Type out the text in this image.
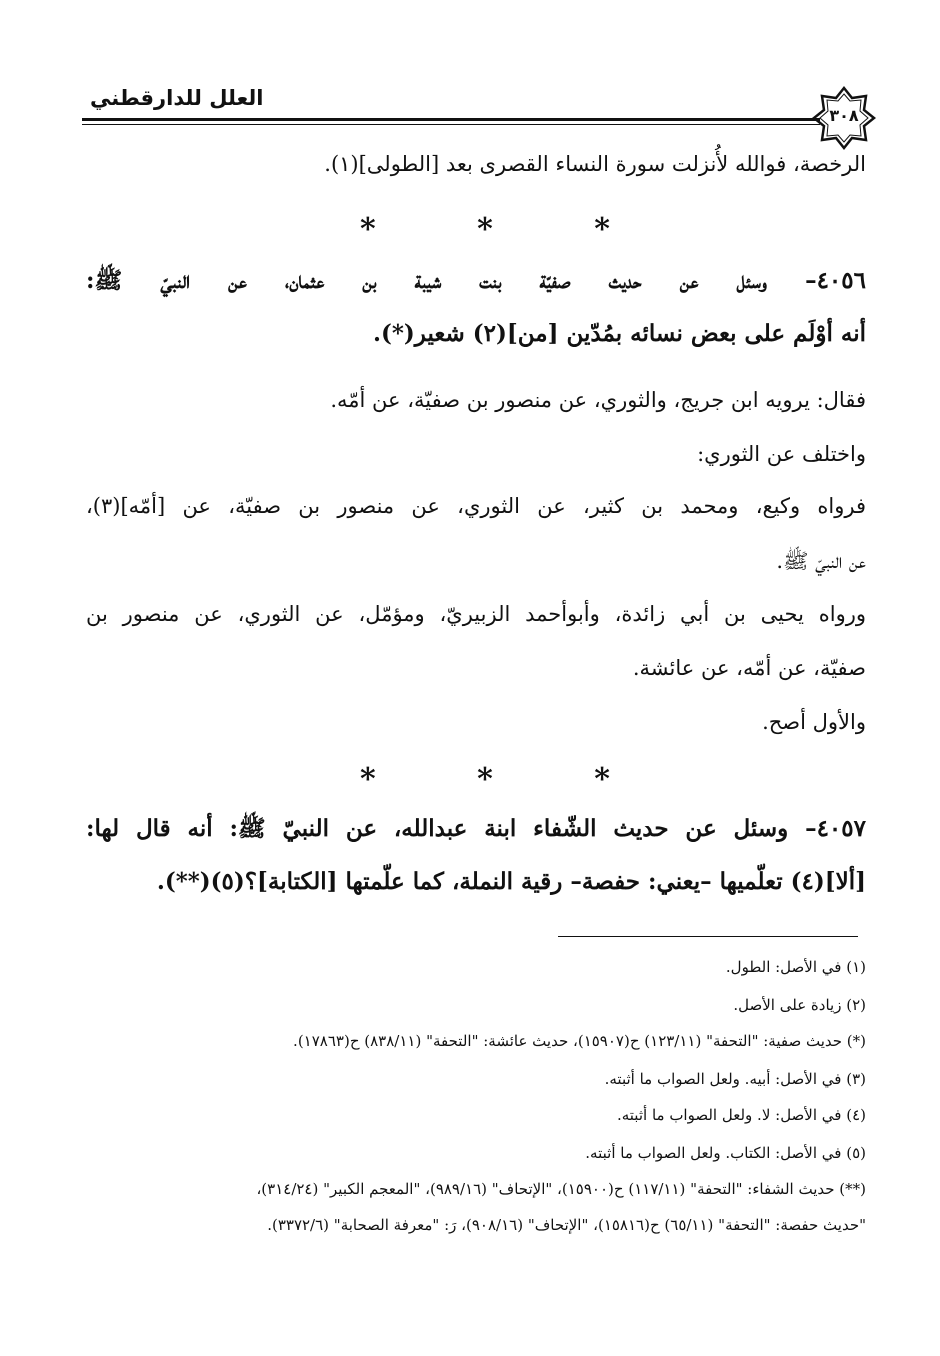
العلل للدارقطني
٣٠٨
الرخصة، فوالله لأُنزلت سورة النساء القصرى بعد [الطولى](١).
*	*	*
٤٠٥٦– وسئل عن حديث صفيّة بنت شيبة بن عثمان، عن النبيّ ﷺ:
أنه أوْلَم على بعض نسائه بمُدّين [من](٢) شعير(*).
فقال: يرويه ابن جريج، والثوري، عن منصور بن صفيّة، عن أمّه.
واختلف عن الثوري:
فرواه وكيع، ومحمد بن كثير، عن الثوري، عن منصور بن صفيّة، عن [أمّه](٣)،
عن النبيّ ﷺ.
ورواه يحيى بن أبي زائدة، وأبوأحمد الزبيريّ، ومؤمّل، عن الثوري، عن منصور بن
صفيّة، عن أمّه، عن عائشة.
والأول أصح.
*	*	*
٤٠٥٧– وسئل عن حديث الشّفاء ابنة عبدالله، عن النبيّ ﷺ: أنه قال لها:
[ألا](٤) تعلّميها –يعني: حفصة– رقية النملة، كما علّمتها [الكتابة]؟(٥)(**).
(١) في الأصل: الطول.
(٢) زيادة على الأصل.
(*) حديث صفية: "التحفة" (١٢٣/١١) ح(١٥٩٠٧)، حديث عائشة: "التحفة" (٨٣٨/١١) ح(١٧٨٦٣).
(٣) في الأصل: أبيه. ولعل الصواب ما أثبته.
(٤) في الأصل: لا. ولعل الصواب ما أثبته.
(٥) في الأصل: الكتاب. ولعل الصواب ما أثبته.
(**) حديث الشفاء: "التحفة" (١١٧/١١) ح(١٥٩٠٠)، "الإتحاف" (٩٨٩/١٦)، "المعجم الكبير" (٣١٤/٢٤)،
"حديث حفصة: "التحفة" (٦٥/١١) ح(١٥٨١٦)، "الإتحاف" (٩٠٨/١٦)، رَ: "معرفة الصحابة" (٣٣٧٢/٦).
